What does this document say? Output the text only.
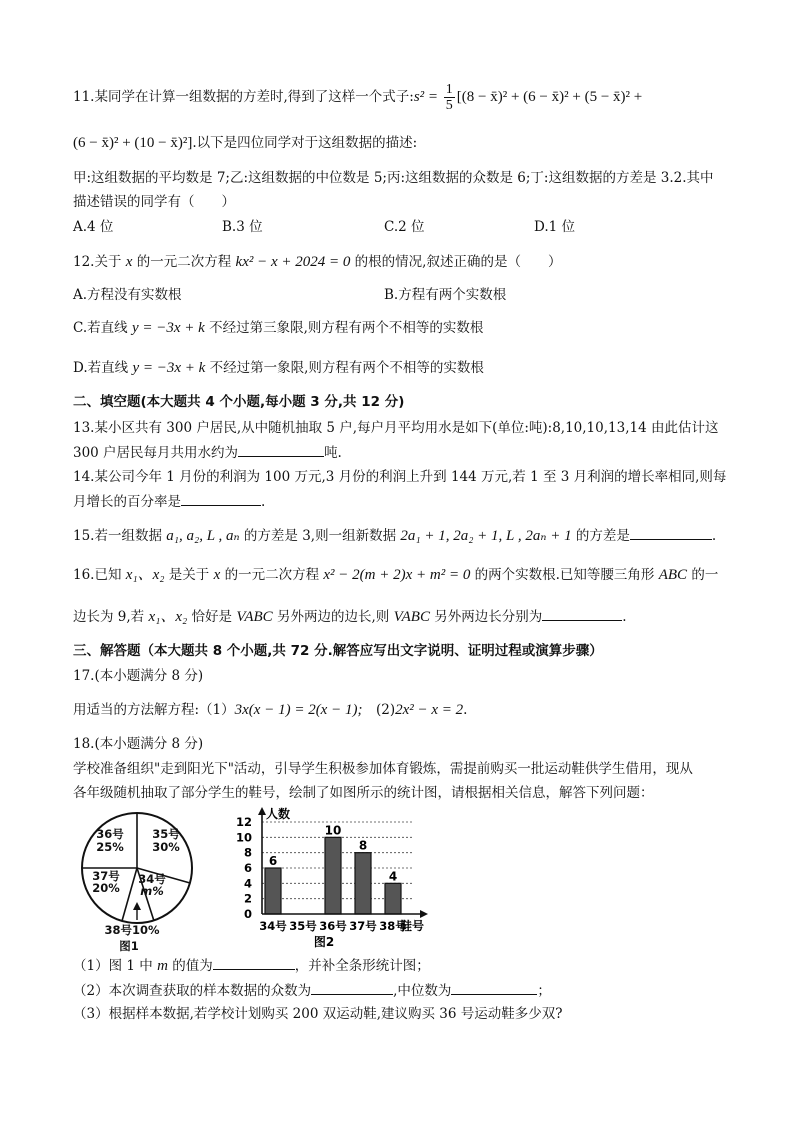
11.某同学在计算一组数据的方差时,得到了这样一个式子:s² = $\frac{1}{5} [(8$ − x̄)² + (6 − x̄)² + (5 − x̄)² +
(6 − x̄)² + (10 − x̄)²].以下是四位同学对于这组数据的描述:
甲:这组数据的平均数是 7;乙:这组数据的中位数是 5;丙:这组数据的众数是 6;丁:这组数据的方差是 3.2.其中
描述错误的同学有（　　）
A.4 位	B.3 位	C.2 位	D.1 位
12.关于 x 的一元二次方程 kx² − x + 2024 = 0 的根的情况,叙述正确的是（　　）
A.方程没有实数根	B.方程有两个实数根
C.若直线 y = −3x + k 不经过第三象限,则方程有两个不相等的实数根
D.若直线 y = −3x + k 不经过第一象限,则方程有两个不相等的实数根
二、填空题(本大题共 4 个小题,每小题 3 分,共 12 分)
13.某小区共有 300 户居民,从中随机抽取 5 户,每户月平均用水是如下(单位:吨):8,10,10,13,14 由此估计这
300 户居民每月共用水约为	吨.
14.某公司今年 1 月份的利润为 100 万元,3 月份的利润上升到 144 万元,若 1 至 3 月利润的增长率相同,则每
月增长的百分率是	.
15.若一组数据 a₁, a₂, L , aₙ 的方差是 3,则一组新数据 2a₁ + 1, 2a₂ + 1, L , 2aₙ + 1 的方差是	.
16.已知 x₁、x₂ 是关于 x 的一元二次方程 x² − 2(m + 2)x + m² = 0 的两个实数根.已知等腰三角形 ABC 的一
边长为 9,若 x₁、x₂ 恰好是 VABC 另外两边的边长,则 VABC 另外两边长分别为	.
三、解答题（本大题共 8 个小题,共 72 分.解答应写出文字说明、证明过程或演算步骤）
17.(本小题满分 8 分)
用适当的方法解方程:（1）3x(x − 1) = 2(x − 1);　(2)2x² − x = 2.
18.(本小题满分 8 分)
学校准备组织"走到阳光下"活动，引导学生积极参加体育锻炼，需提前购买一批运动鞋供学生借用，现从
各年级随机抽取了部分学生的鞋号，绘制了如图所示的统计图，请根据相关信息，解答下列问题：
36号
25%
35号
30%
37号
20%
34号
m%
38号10%
图1
0
2
4
6
8
10
12
6
10
8
4
34号 35号 36号 37号 38号
人数
鞋号
图2
（1）图 1 中 m 的值为	，并补全条形统计图；
（2）本次调查获取的样本数据的众数为	,中位数为	；
（3）根据样本数据,若学校计划购买 200 双运动鞋,建议购买 36 号运动鞋多少双?
